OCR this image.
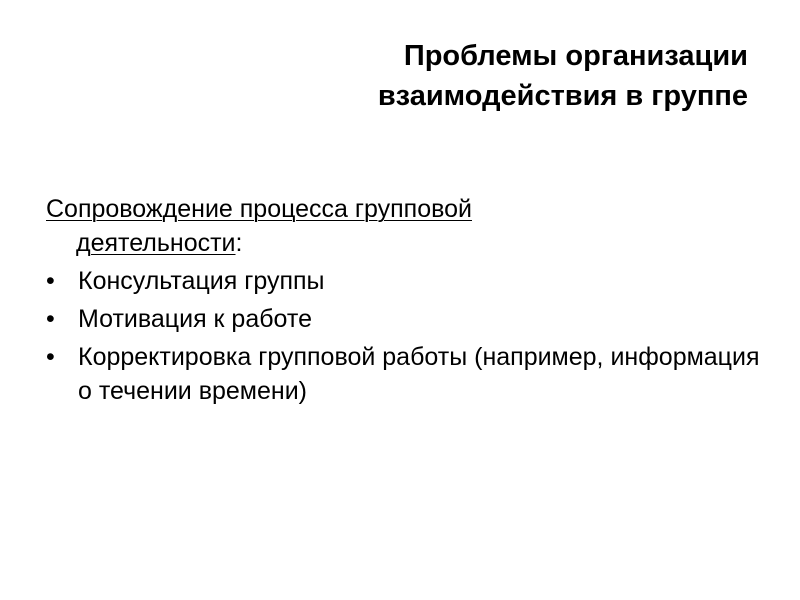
Проблемы организации
взаимодействия в группе

Сопровождение процесса групповой
деятельности:

• Консультация группы
• Мотивация к работе
• Корректировка групповой работы (например, информация о течении времени)
